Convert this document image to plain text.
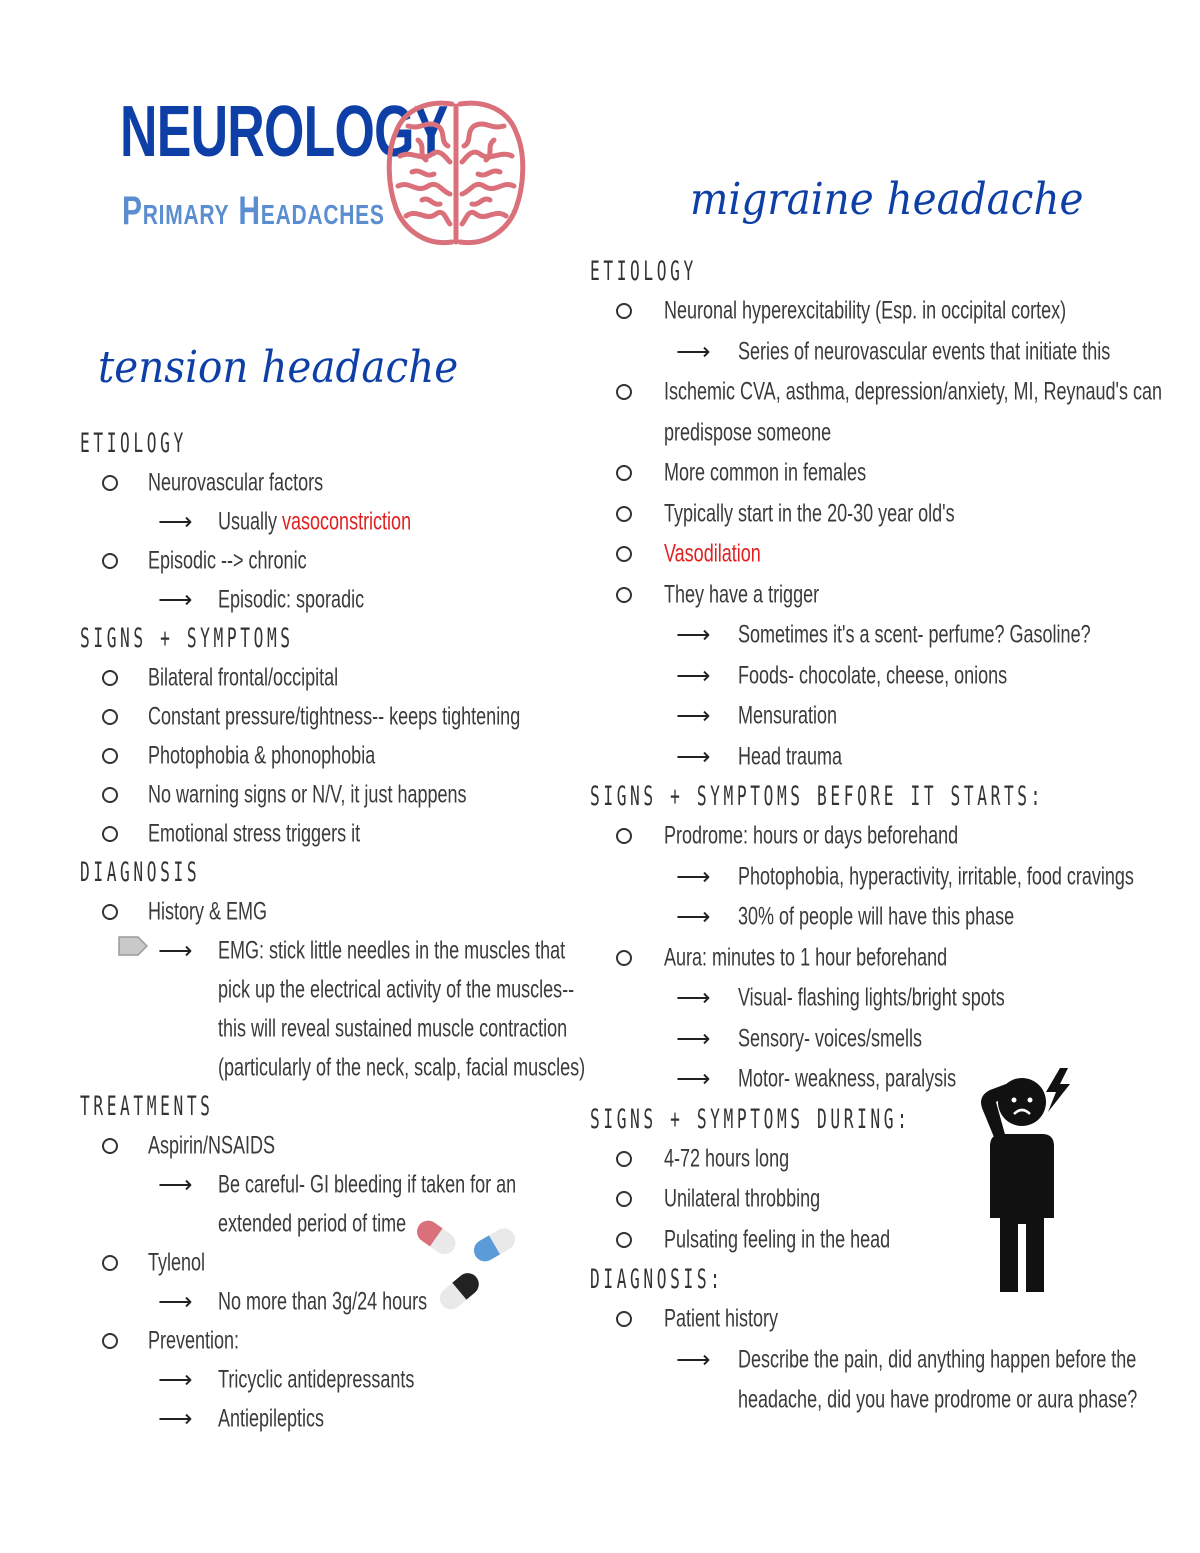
NEUROLOGY
Primary Headaches
tension headache
ETIOLOGY
Neurovascular factors
⟶ Usually vasoconstriction
Episodic --> chronic
⟶ Episodic: sporadic
SIGNS + SYMPTOMS
Bilateral frontal/occipital
Constant pressure/tightness-- keeps tightening
Photophobia & phonophobia
No warning signs or N/V, it just happens
Emotional stress triggers it
DIAGNOSIS
History & EMG
⟶ EMG: stick little needles in the muscles that
pick up the electrical activity of the muscles--
this will reveal sustained muscle contraction
(particularly of the neck, scalp, facial muscles)
TREATMENTS
Aspirin/NSAIDS
⟶ Be careful- GI bleeding if taken for an
extended period of time
Tylenol
⟶ No more than 3g/24 hours
Prevention:
⟶ Tricyclic antidepressants
⟶ Antiepileptics
migraine headache
ETIOLOGY
Neuronal hyperexcitability (Esp. in occipital cortex)
⟶ Series of neurovascular events that initiate this
Ischemic CVA, asthma, depression/anxiety, MI, Reynaud's can
predispose someone
More common in females
Typically start in the 20-30 year old's
Vasodilation
They have a trigger
⟶ Sometimes it's a scent- perfume? Gasoline?
⟶ Foods- chocolate, cheese, onions
⟶ Mensuration
⟶ Head trauma
SIGNS + SYMPTOMS BEFORE IT STARTS:
Prodrome: hours or days beforehand
⟶ Photophobia, hyperactivity, irritable, food cravings
⟶ 30% of people will have this phase
Aura: minutes to 1 hour beforehand
⟶ Visual- flashing lights/bright spots
⟶ Sensory- voices/smells
⟶ Motor- weakness, paralysis
SIGNS + SYMPTOMS DURING:
4-72 hours long
Unilateral throbbing
Pulsating feeling in the head
DIAGNOSIS:
Patient history
⟶ Describe the pain, did anything happen before the
headache, did you have prodrome or aura phase?
